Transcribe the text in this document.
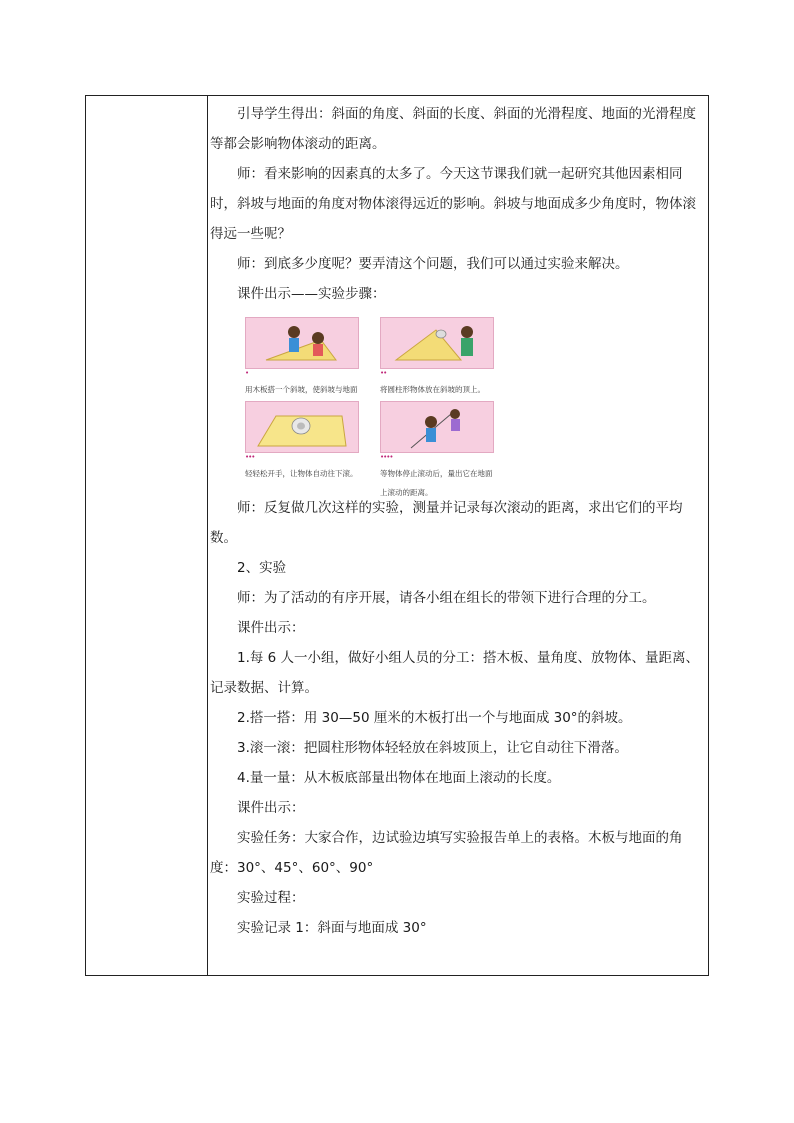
引导学生得出：斜面的角度、斜面的长度、斜面的光滑程度、地面的光滑程度等都会影响物体滚动的距离。

师：看来影响的因素真的太多了。今天这节课我们就一起研究其他因素相同时，斜坡与地面的角度对物体滚得远近的影响。斜坡与地面成多少角度时，物体滚得远一些呢？

师：到底多少度呢？要弄清这个问题，我们可以通过实验来解决。

课件出示——实验步骤：

•
用木板搭一个斜坡，使斜坡与地面
••
将圆柱形物体放在斜坡的顶上。
•••
轻轻松开手，让物体自动往下滚。
••••
等物体停止滚动后，量出它在地面上滚动的距离。

师：反复做几次这样的实验，测量并记录每次滚动的距离，求出它们的平均数。

2、实验

师：为了活动的有序开展，请各小组在组长的带领下进行合理的分工。

课件出示：

1.每 6 人一小组，做好小组人员的分工：搭木板、量角度、放物体、量距离、记录数据、计算。

2.搭一搭：用 30—50 厘米的木板打出一个与地面成 30°的斜坡。

3.滚一滚：把圆柱形物体轻轻放在斜坡顶上，让它自动往下滑落。

4.量一量：从木板底部量出物体在地面上滚动的长度。

课件出示：

实验任务：大家合作，边试验边填写实验报告单上的表格。木板与地面的角度：30°、45°、60°、90°

实验过程：

实验记录 1：斜面与地面成 30°
